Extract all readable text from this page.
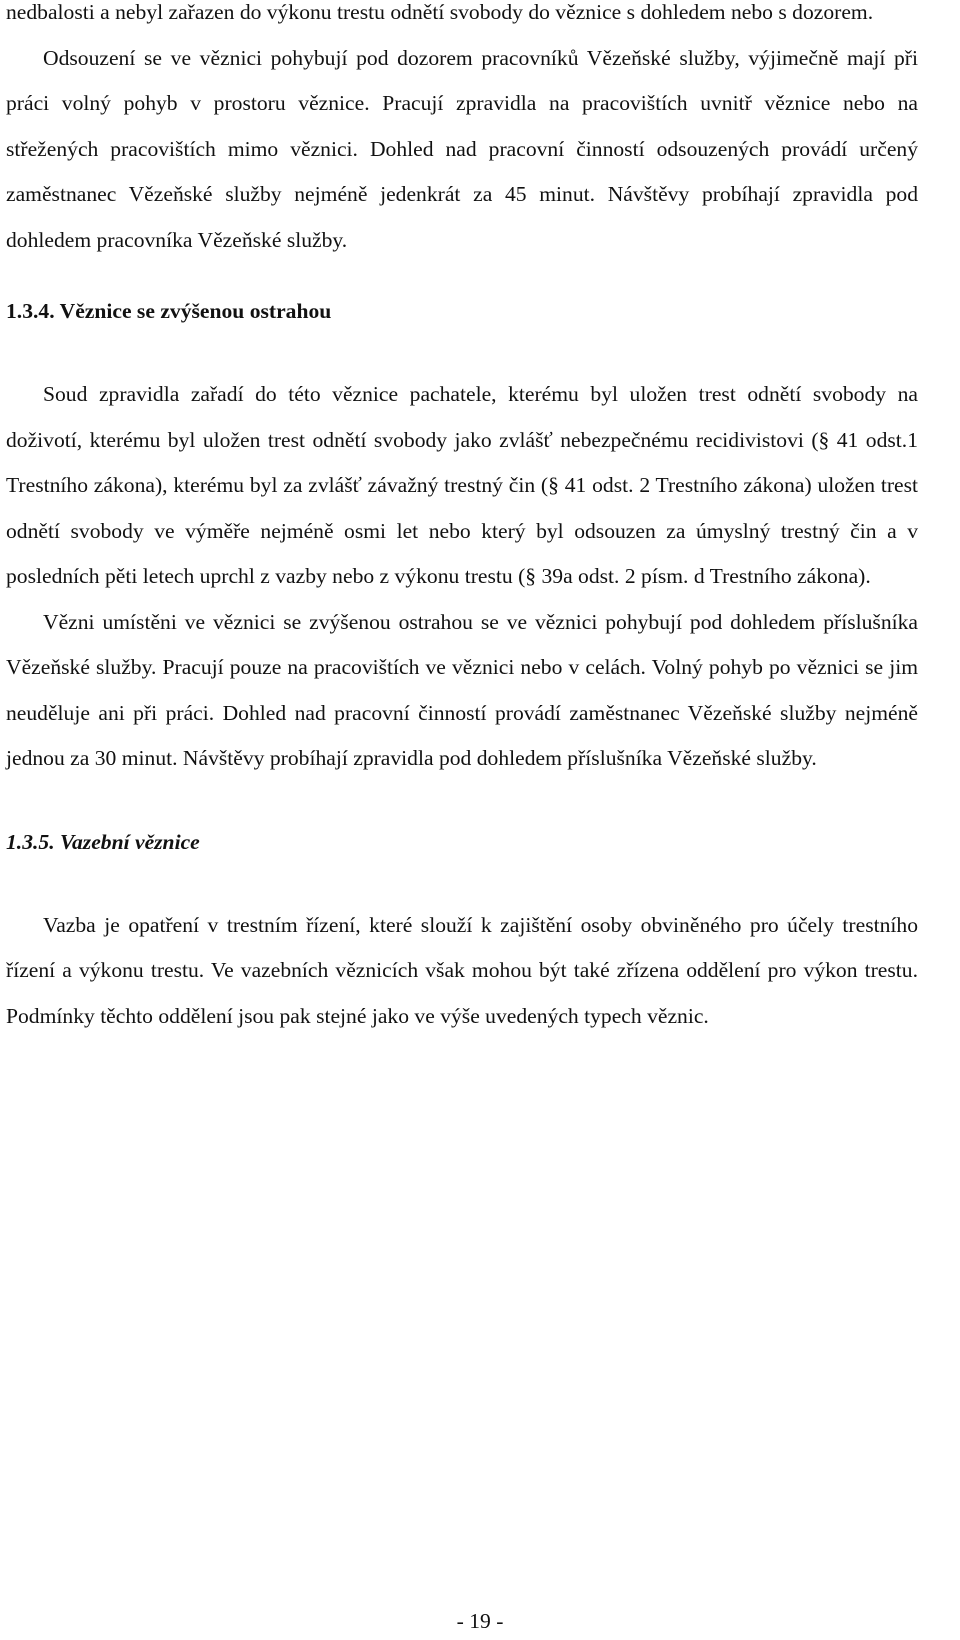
nedbalosti a nebyl zařazen do výkonu trestu odnětí svobody do věznice s dohledem nebo s dozorem.

Odsouzení se ve věznici pohybují pod dozorem pracovníků Vězeňské služby, výjimečně mají při práci volný pohyb v prostoru věznice. Pracují zpravidla na pracovištích uvnitř věznice nebo na střežených pracovištích mimo věznici. Dohled nad pracovní činností odsouzených provádí určený zaměstnanec Vězeňské služby nejméně jedenkrát za 45 minut. Návštěvy probíhají zpravidla pod dohledem pracovníka Vězeňské služby.

1.3.4. Věznice se zvýšenou ostrahou

Soud zpravidla zařadí do této věznice pachatele, kterému byl uložen trest odnětí svobody na doživotí, kterému byl uložen trest odnětí svobody jako zvlášť nebezpečnému recidivistovi (§ 41 odst.1 Trestního zákona), kterému byl za zvlášť závažný trestný čin (§ 41 odst. 2 Trestního zákona) uložen trest odnětí svobody ve výměře nejméně osmi let nebo který byl odsouzen za úmyslný trestný čin a v posledních pěti letech uprchl z vazby nebo z výkonu trestu (§ 39a odst. 2 písm. d Trestního zákona).

Vězni umístěni ve věznici se zvýšenou ostrahou se ve věznici pohybují pod dohledem příslušníka Vězeňské služby. Pracují pouze na pracovištích ve věznici nebo v celách. Volný pohyb po věznici se jim neuděluje ani při práci. Dohled nad pracovní činností provádí zaměstnanec Vězeňské služby nejméně jednou za 30 minut. Návštěvy probíhají zpravidla pod dohledem příslušníka Vězeňské služby.

1.3.5. Vazební věznice

Vazba je opatření v trestním řízení, které slouží k zajištění osoby obviněného pro účely trestního řízení a výkonu trestu. Ve vazebních věznicích však mohou být také zřízena oddělení pro výkon trestu. Podmínky těchto oddělení jsou pak stejné jako ve výše uvedených typech věznic.

- 19 -
